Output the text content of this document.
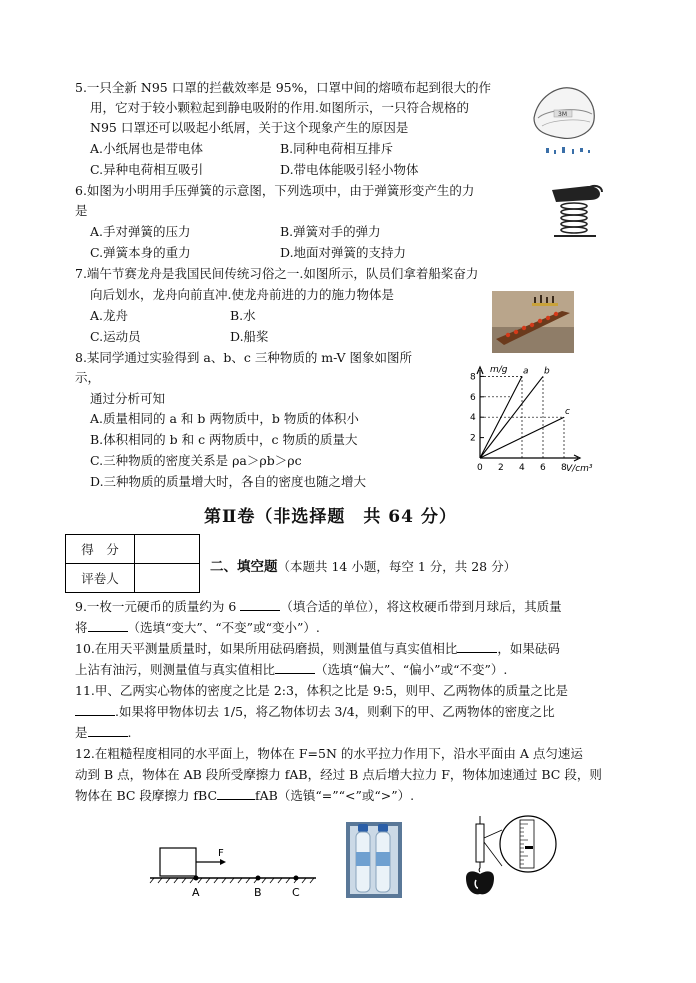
5.一只全新 N95 口罩的拦截效率是 95%，口罩中间的熔喷布起到很大的作
用，它对于较小颗粒起到静电吸附的作用.如图所示，一只符合规格的
N95 口罩还可以吸起小纸屑，关于这个现象产生的原因是
A.小纸屑也是带电体	B.同种电荷相互排斥
C.异种电荷相互吸引	D.带电体能吸引轻小物体
3M
6.如图为小明用手压弹簧的示意图，下列选项中，由于弹簧形变产生的力
是
A.手对弹簧的压力	B.弹簧对手的弹力
C.弹簧本身的重力	D.地面对弹簧的支持力
7.端午节赛龙舟是我国民间传统习俗之一.如图所示，队员们拿着船桨奋力
向后划水，龙舟向前直冲.使龙舟前进的力的施力物体是
A.龙舟	B.水
C.运动员	D.船桨
8.某同学通过实验得到 a、b、c 三种物质的 m-V 图象如图所
示，
通过分析可知
A.质量相同的 a 和 b 两物质中，b 物质的体积小
B.体积相同的 b 和 c 两物质中，c 物质的质量大
C.三种物质的密度关系是 ρa＞ρb＞ρc
D.三种物质的质量增大时，各自的密度也随之增大
a b
c
2
4
6
8
0 2 4 6 8
m/g
V/cm³
第Ⅱ卷（非选择题　共 64 分）
得　分	
评卷人	
二、填空题（本题共 14 小题，每空 1 分，共 28 分）
9.一枚一元硬币的质量约为 6	（填合适的单位），将这枚硬币带到月球后，其质量
将	（选填“变大”、“不变”或“变小”）.
10.在用天平测量质量时，如果所用砝码磨损，则测量值与真实值相比	，如果砝码
上沾有油污，则测量值与真实值相比	（选填“偏大”、“偏小”或“不变”）.
11.甲、乙两实心物体的密度之比是 2:3，体积之比是 9:5，则甲、乙两物体的质量之比是
.如果将甲物体切去 1/5，将乙物体切去 3/4，则剩下的甲、乙两物体的密度之比
是	.
12.在粗糙程度相同的水平面上，物体在 F=5N 的水平拉力作用下，沿水平面由 A 点匀速运
动到 B 点，物体在 AB 段所受摩擦力 fAB，经过 B 点后增大拉力 F，物体加速通过 BC 段，则
物体在 BC 段摩擦力 fBC	fAB（选镇“=”“<”或“>”）.
F
A	B	C
